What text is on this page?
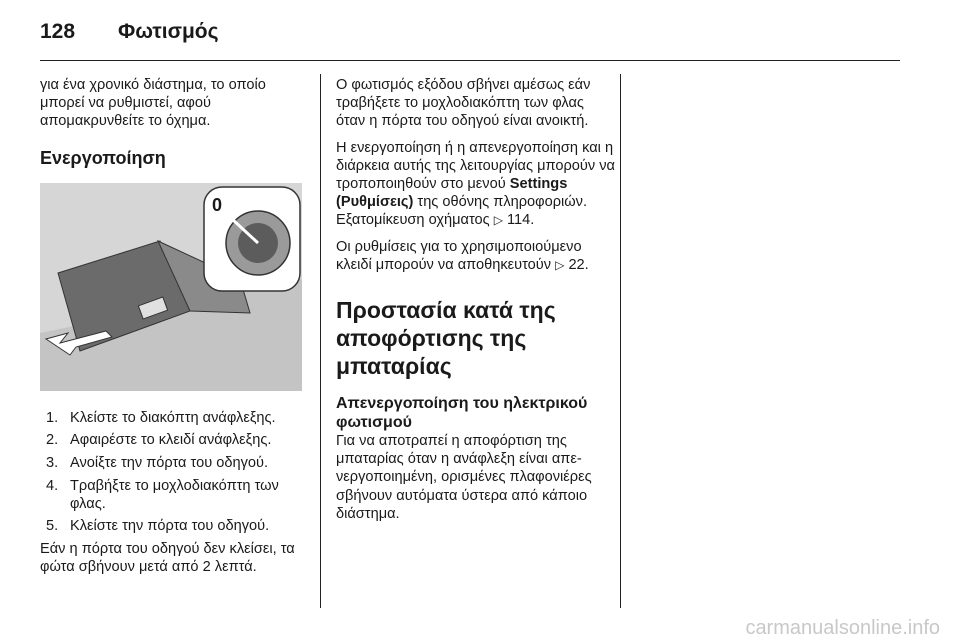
128 Φωτισμός

για ένα χρονικό διάστημα, το οποίο μπορεί να ρυθμιστεί, αφού απομακρυνθείτε το όχημα.

Ενεργοποίηση
0
1. Κλείστε το διακόπτη ανάφλεξης.
2. Αφαιρέστε το κλειδί ανάφλεξης.
3. Ανοίξτε την πόρτα του οδηγού.
4. Τραβήξτε το μοχλοδιακόπτη των φλας.
5. Κλείστε την πόρτα του οδηγού.

Εάν η πόρτα του οδηγού δεν κλείσει, τα φώτα σβήνουν μετά από 2 λεπτά.

Ο φωτισμός εξόδου σβήνει αμέσως εάν τραβήξετε το μοχλοδιακόπτη των φλας όταν η πόρτα του οδηγού είναι ανοικτή.

Η ενεργοποίηση ή η απενεργοποίηση και η διάρκεια αυτής της λειτουργίας μπορούν να τροποποιηθούν στο μενού Settings (Ρυθμίσεις) της οθόνης πληροφοριών. Εξατομίκευση οχήματος ▷ 114.

Οι ρυθμίσεις για το χρησιμοποιούμενο κλειδί μπορούν να αποθηκευτούν ▷ 22.

Προστασία κατά της αποφόρτισης της μπαταρίας
Απενεργοποίηση του ηλεκτρικού φωτισμού

Για να αποτραπεί η αποφόρτιση της μπαταρίας όταν η ανάφλεξη είναι απενεργοποιημένη, ορισμένες πλαφονιέρες σβήνουν αυτόματα ύστερα από κάποιο διάστημα.

carmanualsonline.info
